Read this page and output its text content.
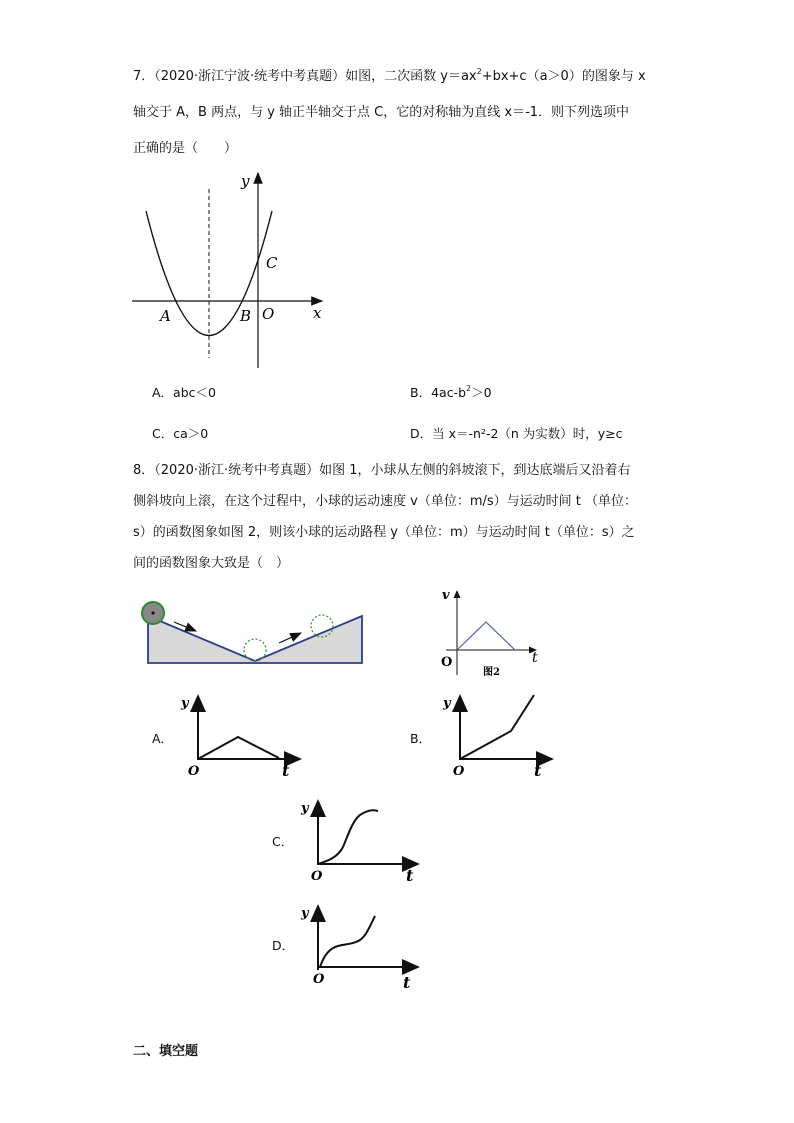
7．（2020·浙江宁波·统考中考真题）如图，二次函数 $y=ax^2+bx+c(a>0)$的图象与 x
轴交于 A，B 两点，与 y 轴正半轴交于点 C，它的对称轴为直线 x＝-1．则下列选项中
正确的是（　　）
y
x
A	B O
C
A．abc＜0	B．$4ac-b^2>0$
C．ca＞0	D．当 x＝-n²-2（n 为实数）时，y≥c
8．（2020·浙江·统考中考真题）如图 1，小球从左侧的斜坡滚下，到达底端后又沿着右
侧斜坡向上滚，在这个过程中，小球的运动速度 v（单位：m/s）与运动时间 t （单位：
s）的函数图象如图 2，则该小球的运动路程 y（单位：m）与运动时间 t（单位：s）之
间的函数图象大致是（　）
v
t
O
图2
A．
y
O	t
B．
y
O	t
C．
y
O	t
D．
y
O	t
二、填空题
